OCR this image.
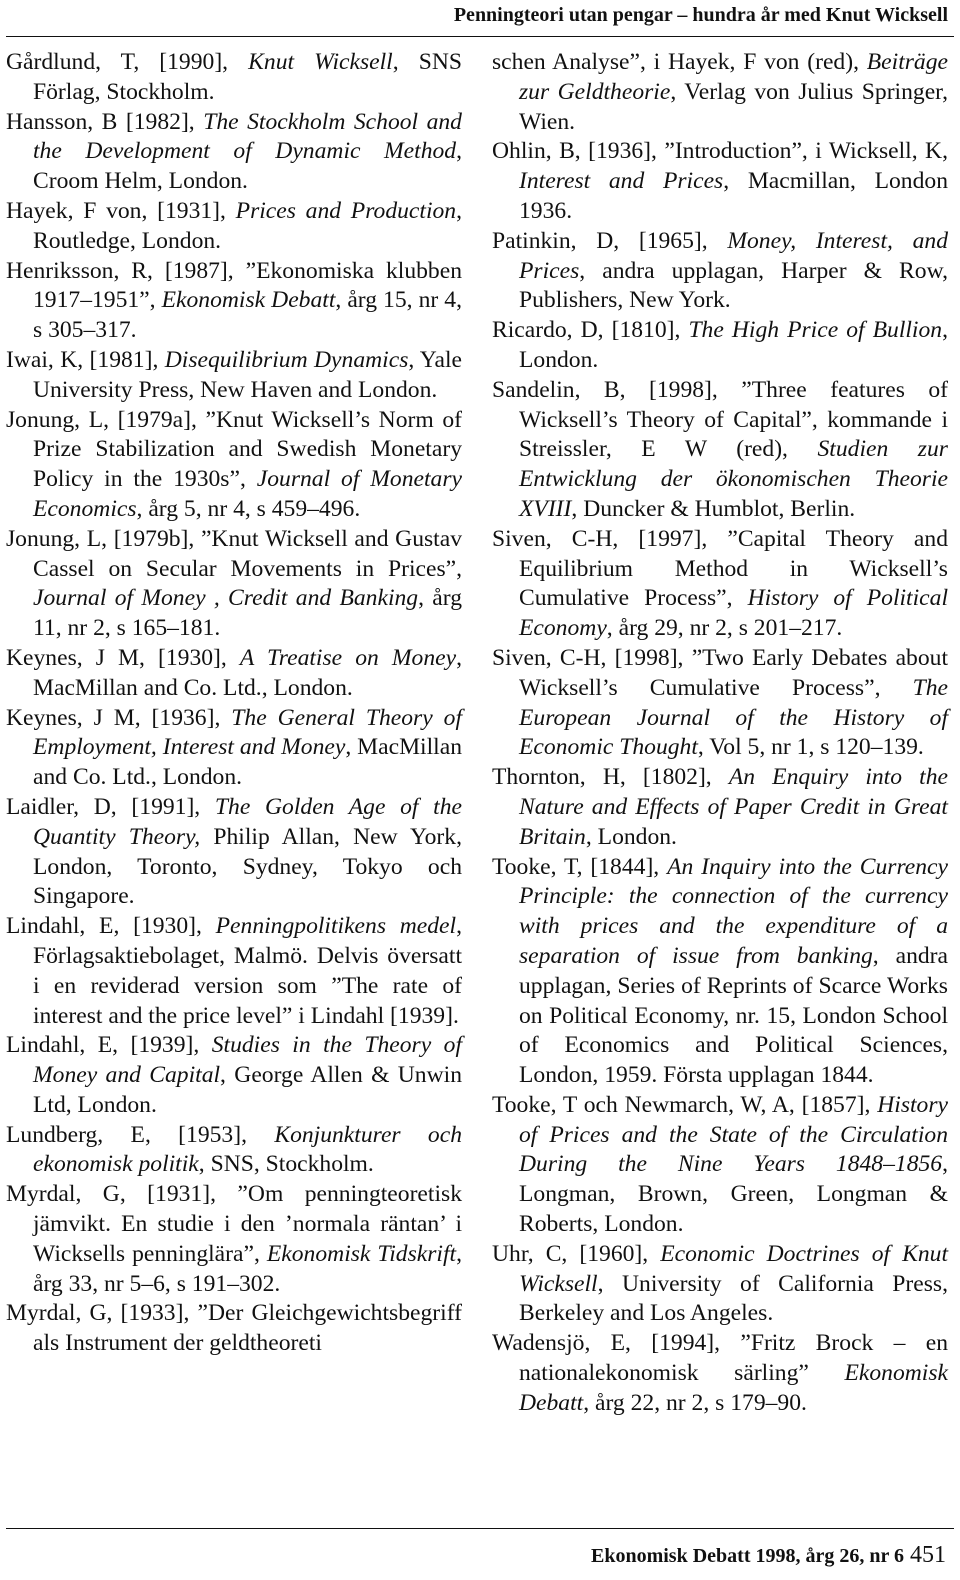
Penningteori utan pengar – hundra år med Knut Wicksell

Gårdlund, T, [1990], Knut Wicksell, SNS Förlag, Stockholm.

Hansson, B [1982], The Stockholm School and the Development of Dynamic Method, Croom Helm, London.

Hayek, F von, [1931], Prices and Production, Routledge, London.

Henriksson, R, [1987], ”Ekonomiska klubben 1917–1951”, Ekonomisk Debatt, årg 15, nr 4, s 305–317.

Iwai, K, [1981], Disequilibrium Dynamics, Yale University Press, New Haven and London.

Jonung, L, [1979a], ”Knut Wicksell’s Norm of Prize Stabilization and Swedish Monetary Policy in the 1930s”, Journal of Monetary Economics, årg 5, nr 4, s 459–496.

Jonung, L, [1979b], ”Knut Wicksell and Gustav Cassel on Secular Movements in Prices”, Journal of Money , Credit and Banking, årg 11, nr 2, s 165–181.

Keynes, J M, [1930], A Treatise on Money, MacMillan and Co. Ltd., London.

Keynes, J M, [1936], The General Theory of Employment, Interest and Money, MacMillan and Co. Ltd., London.

Laidler, D, [1991], The Golden Age of the Quantity Theory, Philip Allan, New York, London, Toronto, Sydney, Tokyo och Singapore.

Lindahl, E, [1930], Penningpolitikens medel, Förlagsaktiebolaget, Malmö. Delvis översatt i en reviderad version som ”The rate of interest and the price level” i Lindahl [1939].

Lindahl, E, [1939], Studies in the Theory of Money and Capital, George Allen & Unwin Ltd, London.

Lundberg, E, [1953], Konjunkturer och ekonomisk politik, SNS, Stockholm.

Myrdal, G, [1931], ”Om penningteoretisk jämvikt. En studie i den ’normala räntan’ i Wicksells penninglära”, Ekonomisk Tidskrift, årg 33, nr 5–6, s 191–302.

Myrdal, G, [1933], ”Der Gleichgewichtsbegriff als Instrument der geldtheoreti

schen Analyse”, i Hayek, F von (red), Beiträge zur Geldtheorie, Verlag von Julius Springer, Wien.

Ohlin, B, [1936], ”Introduction”, i Wicksell, K, Interest and Prices, Macmillan, London 1936.

Patinkin, D, [1965], Money, Interest, and Prices, andra upplagan, Harper & Row, Publishers, New York.

Ricardo, D, [1810], The High Price of Bullion, London.

Sandelin, B, [1998], ”Three features of Wicksell’s Theory of Capital”, kommande i Streissler, E W (red), Studien zur Entwicklung der ökonomischen Theorie XVIII, Duncker & Humblot, Berlin.

Siven, C-H, [1997], ”Capital Theory and Equilibrium Method in Wicksell’s Cumulative Process”, History of Political Economy, årg 29, nr 2, s 201–217.

Siven, C-H, [1998], ”Two Early Debates about Wicksell’s Cumulative Process”, The European Journal of the History of Economic Thought, Vol 5, nr 1, s 120–139.

Thornton, H, [1802], An Enquiry into the Nature and Effects of Paper Credit in Great Britain, London.

Tooke, T, [1844], An Inquiry into the Currency Principle: the connection of the currency with prices and the expenditure of a separation of issue from banking, andra upplagan, Series of Reprints of Scarce Works on Political Economy, nr. 15, London School of Economics and Political Sciences, London, 1959. Första upplagan 1844.

Tooke, T och Newmarch, W, A, [1857], History of Prices and the State of the Circulation During the Nine Years 1848–1856, Longman, Brown, Green, Longman & Roberts, London.

Uhr, C, [1960], Economic Doctrines of Knut Wicksell, University of California Press, Berkeley and Los Angeles.

Wadensjö, E, [1994], ”Fritz Brock – en nationalekonomisk särling” Ekonomisk Debatt, årg 22, nr 2, s 179–90.

Ekonomisk Debatt 1998, årg 26, nr 6 451
